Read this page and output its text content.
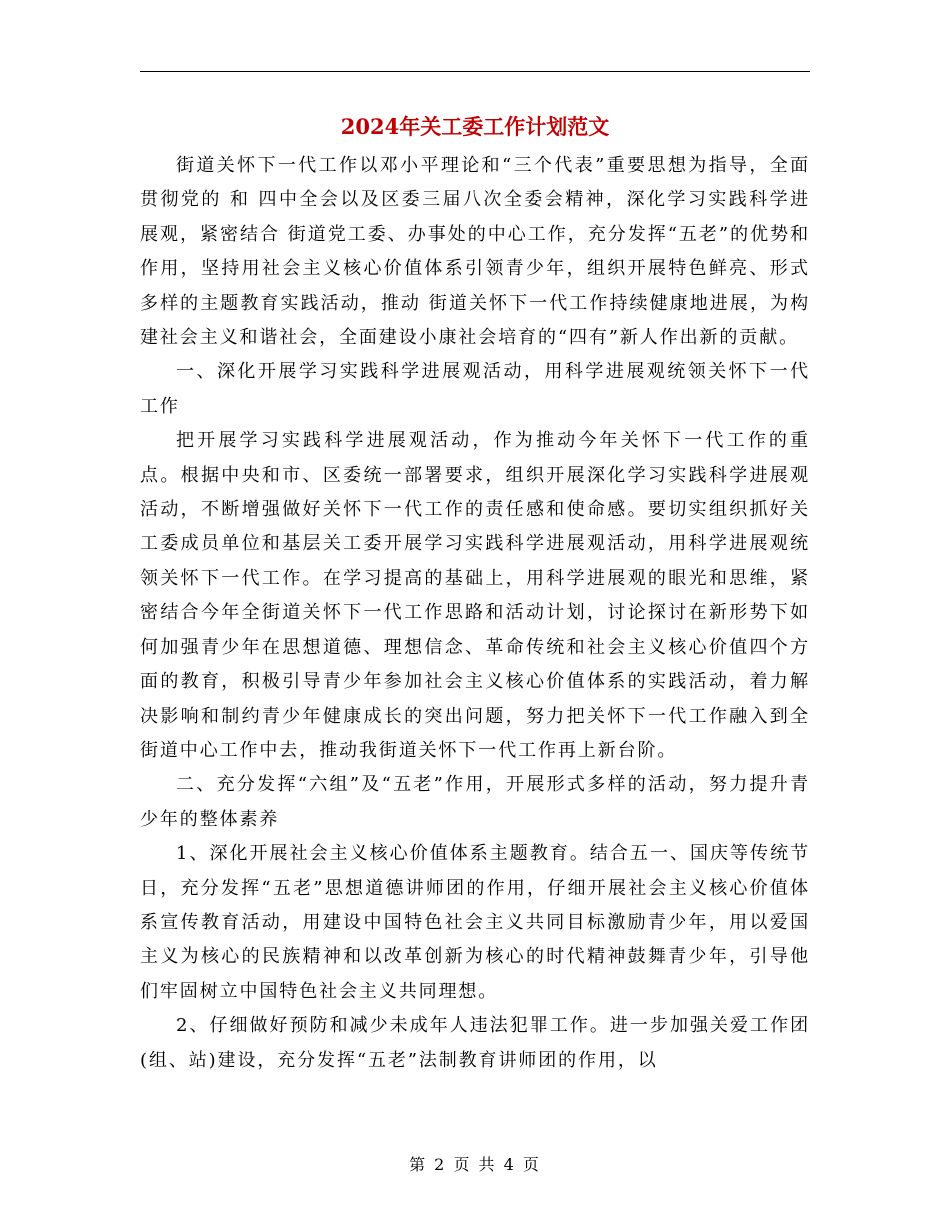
2024年关工委工作计划范文

街道关怀下一代工作以邓小平理论和“三个代表”重要思想为指导，全面贯彻党的 和 四中全会以及区委三届八次全委会精神，深化学习实践科学进展观，紧密结合 街道党工委、办事处的中心工作，充分发挥“五老”的优势和作用，坚持用社会主义核心价值体系引领青少年，组织开展特色鲜亮、形式多样的主题教育实践活动，推动 街道关怀下一代工作持续健康地进展，为构建社会主义和谐社会，全面建设小康社会培育的“四有”新人作出新的贡献。

一、深化开展学习实践科学进展观活动，用科学进展观统领关怀下一代工作

把开展学习实践科学进展观活动，作为推动今年关怀下一代工作的重点。根据中央和市、区委统一部署要求，组织开展深化学习实践科学进展观活动，不断增强做好关怀下一代工作的责任感和使命感。要切实组织抓好关工委成员单位和基层关工委开展学习实践科学进展观活动，用科学进展观统领关怀下一代工作。在学习提高的基础上，用科学进展观的眼光和思维，紧密结合今年全街道关怀下一代工作思路和活动计划，讨论探讨在新形势下如何加强青少年在思想道德、理想信念、革命传统和社会主义核心价值四个方面的教育，积极引导青少年参加社会主义核心价值体系的实践活动，着力解决影响和制约青少年健康成长的突出问题，努力把关怀下一代工作融入到全街道中心工作中去，推动我街道关怀下一代工作再上新台阶。

二、充分发挥“六组”及“五老”作用，开展形式多样的活动，努力提升青少年的整体素养

1、深化开展社会主义核心价值体系主题教育。结合五一、国庆等传统节日，充分发挥“五老”思想道德讲师团的作用，仔细开展社会主义核心价值体系宣传教育活动，用建设中国特色社会主义共同目标激励青少年，用以爱国主义为核心的民族精神和以改革创新为核心的时代精神鼓舞青少年，引导他们牢固树立中国特色社会主义共同理想。

2、仔细做好预防和减少未成年人违法犯罪工作。进一步加强关爱工作团(组、站)建设，充分发挥“五老”法制教育讲师团的作用，以

第 2 页 共 4 页
